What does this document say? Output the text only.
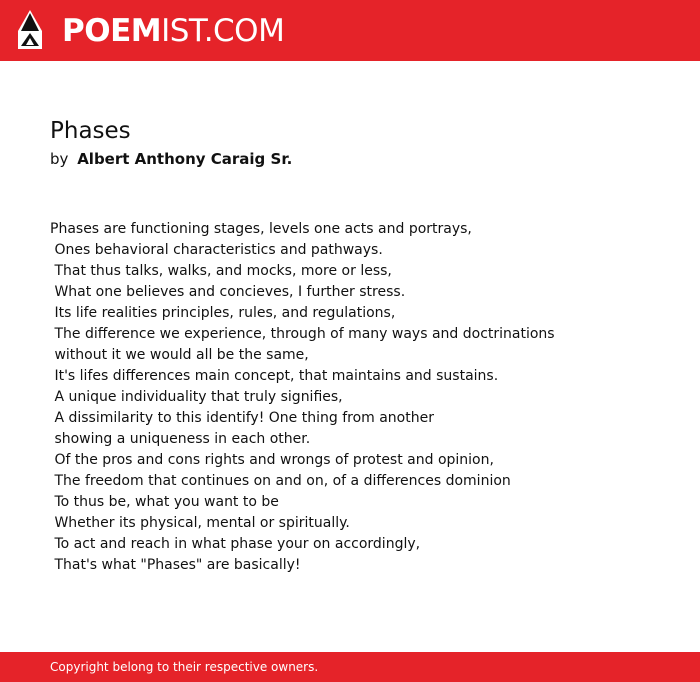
POEMIST.COM
Phases
by Albert Anthony Caraig Sr.
Phases are functioning stages, levels one acts and portrays,
Ones behavioral characteristics and pathways.
That thus talks, walks, and mocks, more or less,
What one believes and concieves, I further stress.
Its life realities principles, rules, and regulations,
The difference we experience, through of many ways and doctrinations
without it we would all be the same,
It's lifes differences main concept, that maintains and sustains.
A unique individuality that truly signifies,
A dissimilarity to this identify! One thing from another
showing a uniqueness in each other.
Of the pros and cons rights and wrongs of protest and opinion,
The freedom that continues on and on, of a differences dominion
To thus be, what you want to be
Whether its physical, mental or spiritually.
To act and reach in what phase your on accordingly,
That's what "Phases" are basically!
Copyright belong to their respective owners.
